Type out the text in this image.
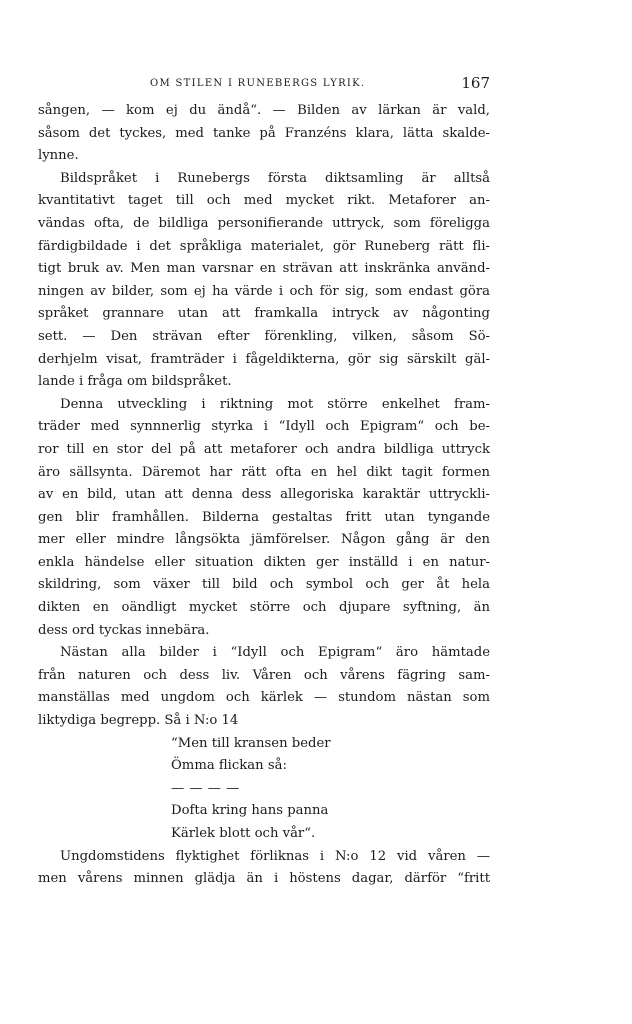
OM STILEN I RUNEBERGS LYRIK.	167
sången, — kom ej du ändå“. — Bilden av lärkan är vald,
såsom det tyckes, med tanke på Franzéns klara, lätta skalde-
lynne.
Bildspråket i Runebergs första diktsamling är alltså
kvantitativt taget till och med mycket rikt. Metaforer an-
vändas ofta, de bildliga personifierande uttryck, som föreligga
färdigbildade i det språkliga materialet, gör Runeberg rätt fli-
tigt bruk av. Men man varsnar en strävan att inskränka använd-
ningen av bilder, som ej ha värde i och för sig, som endast göra
språket grannare utan att framkalla intryck av någonting
sett. — Den strävan efter förenkling, vilken, såsom Sö-
derhjelm visat, framträder i fågeldikterna, gör sig särskilt gäl-
lande i fråga om bildspråket.
Denna utveckling i riktning mot större enkelhet fram-
träder med synnnerlig styrka i “Idyll och Epigram“ och be-
ror till en stor del på att metaforer och andra bildliga uttryck
äro sällsynta. Däremot har rätt ofta en hel dikt tagit formen
av en bild, utan att denna dess allegoriska karaktär uttryckli-
gen blir framhållen. Bilderna gestaltas fritt utan tyngande
mer eller mindre långsökta jämförelser. Någon gång är den
enkla händelse eller situation dikten ger inställd i en natur-
skildring, som växer till bild och symbol och ger åt hela
dikten en oändligt mycket större och djupare syftning, än
dess ord tyckas innebära.
Nästan alla bilder i “Idyll och Epigram“ äro hämtade
från naturen och dess liv. Våren och vårens fägring sam-
manställas med ungdom och kärlek — stundom nästan som
liktydiga begrepp. Så i N:o 14
“Men till kransen beder
Ömma flickan så:
— — — —
Dofta kring hans panna
Kärlek blott och vår“.
Ungdomstidens flyktighet förliknas i N:o 12 vid våren —
men vårens minnen glädja än i höstens dagar, därför “fritt
